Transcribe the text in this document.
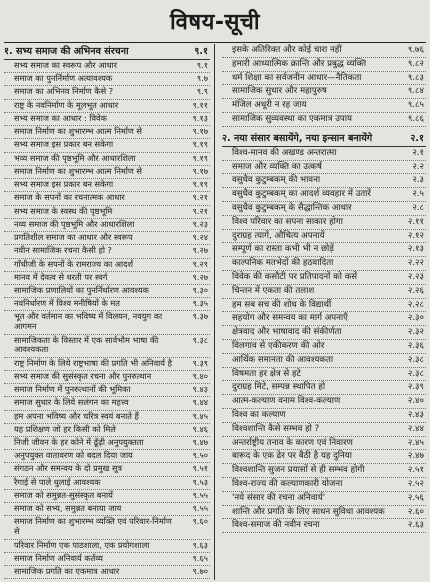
विषय-सूची
१. सभ्य समाज की अभिनव संरचना	९.१
सभ्य समाज का स्वरूप और आधार	९.१
समाज का पुनर्निर्माण अत्यावश्यक	९.७
समाज का अभिनव निर्माण कैसे ?	९.९
राष्ट्र के नवनिर्माण के मूलभूत आधार	९.११
सभ्य समाज का आधार : विवेक	९.१३
समाज निर्माण का शुभारम्भ आत्म निर्माण से	९.१७
सभ्य समाज इस प्रकार बन सकेगा	९.१९
भव्य समाज की पृष्ठभूमि और आधारशिला	९.१९
समाज निर्माण का शुभारम्भ आत्म निर्माण से	९.१७
सभ्य समाज इस प्रकार बन सकेगा	९.१९
समाज के सपनों का रचनात्मक आधार	९.२१
सभ्य समाज के स्वस्थ की पृष्ठभूमि	९.२१
नव्य समाज की पृष्ठभूमि और आधारशिला	९.२३
प्रगतिशील समाज का आधार और स्वरूप	९.२४
नवीन सामाजिक रचना कैसी हो ?	९.२७
गाँधीजी के सपनों के रामराज्य का आदर्श	९.२९
मानव में देवत्व से धरती पर स्वर्ग	९.२७
सामाजिक प्रणालियों का पुनर्निर्धारण आवश्यक	९.३०
नवनिर्धारण में विश्व मनीषियों के मत	९.३५
भूत और वर्तमान का भविष्य में विलयन, नवयुग का आगमन
९.३७
सामाजिकता के विस्तार में एक सार्वभौम भाषा की आवश्यकता
९.३८
राष्ट्र निर्माण के लिये राष्ट्रभाषा की प्रगति भी अनिवार्य है	९.३९
सभ्य समाज की सुसंस्कृत रचना और पुनरुत्थान	९.४०
समाज निर्माण में पुनरुत्थानों की भूमिका	९.४३
समाज सुधार के लिये सलंगन का महत्त्व	९.४४
हम अपना भविष्य और चरित्र स्वयं बनाते हैं	९.४५
यह प्रशिक्षण जो हर किसी को मिले	९.४६
निजी जीवन के हर कोने में ढूँढ़ी अनुपयुक्तता	९.४७
अनुपयुक्त वातावरण को बदल दिया जाय	९.५०
संगठन और समन्वय के दो प्रमुख सूत्र	९.५१
रैगाई से पाले धुलाई आवश्यक	९.५३
समाज को समुन्नत-सुसंस्कृत बनायें	९.५५
समाज को सभ्य, समुन्नत बनाया जाय	९.५५
समाज निर्माण का शुभारम्भ व्यक्ति एवं परिवार-निर्माण से
९.६०
परिवार निर्माण एक पाठशाला, एक प्रयोगशाला	९.६३
समाज निर्माण अनिवार्य कर्तव्य	९.६५
सामाजिक प्रगति का एकमात्र आधार	९.७०
इसके अतिरिक्त और कोई चारा नहीं	९.७६
हमारी आध्यात्मिक क्रान्ति और प्रबुद्ध व्यक्ति	९.८२
धर्म शिक्षा का सर्वजनीन आधार—नैतिकता	९.८३
सामाजिक सुधार और महापुरुष	९.८४
मंजिल अधूरी न रह जाय	९.८५
सामाजिक सुव्यवस्था का एकमात्र उपाय	९.८६
२. नया संसार बसायेंगे, नया इन्सान बनायेंगे	२.१
विश्व-मानव की अखण्ड अन्तरात्मा	२.१
समाज और व्यक्ति का उत्कर्ष	२.२
वसुधैव कुटुम्बकम् की भावना	२.३
वसुधैव कुटुम्बकम् का आदर्श व्यवहार में उतारें	२.५
वसुधैव कुटुम्बकम् के सैद्धान्तिक आधार	२.८
विश्व परिवार का सपना साकार होगा	२.११
दुराग्रह त्यागें, औचित्य अपनायें	२.१२
सम्पूर्ण का रास्ता कभी भी न छोड़ें	२.१३
काल्पनिक मतभेदों की हठवादिता	२.२२
विवेक की कसौटी पर प्रतिपादनों को कसें	२.२३
चिन्तन में एकता की तलाश	२.२६
हम सब सच की शोध के विद्यार्थी	२.२८
सहयोग और समन्वय का मार्ग अपनाएँ	२.३०
क्षेत्रवाद और भाषावाद की संकीर्णता	२.३२
विलगाव से एकीकरण की ओर	२.३६
आर्थिक समानता की आवश्यकता	२.३८
विषमता हर क्षेत्र से हटे	२.३८
दुराग्रह मिटे, सम्पन्न स्थापित हो	२.३९
आत्म-कल्याण वनाम विश्व-कल्याण	२.४०
विश्व का कल्याण	२.४३
विश्वशान्ति कैसे सम्भव हो ?	२.४४
अन्तर्राष्ट्रीय तनाव के कारण एवं निवारण	२.४५
बारूद के एक ढेर पर बैठी है यह दुनिया	२.४७
विश्वशान्ति सुजन प्रयासों से ही सम्भव होगी	२.५१
विश्व-राज्य की कल्याणकारी योजना	२.५२
'नये संसार की रचना अनिवार्य'	२.५६
शान्ति और प्रगति के लिए साधन सुविधा आवश्यक	२.६०
विश्व-समाज की नवीन रचना	२.६३
